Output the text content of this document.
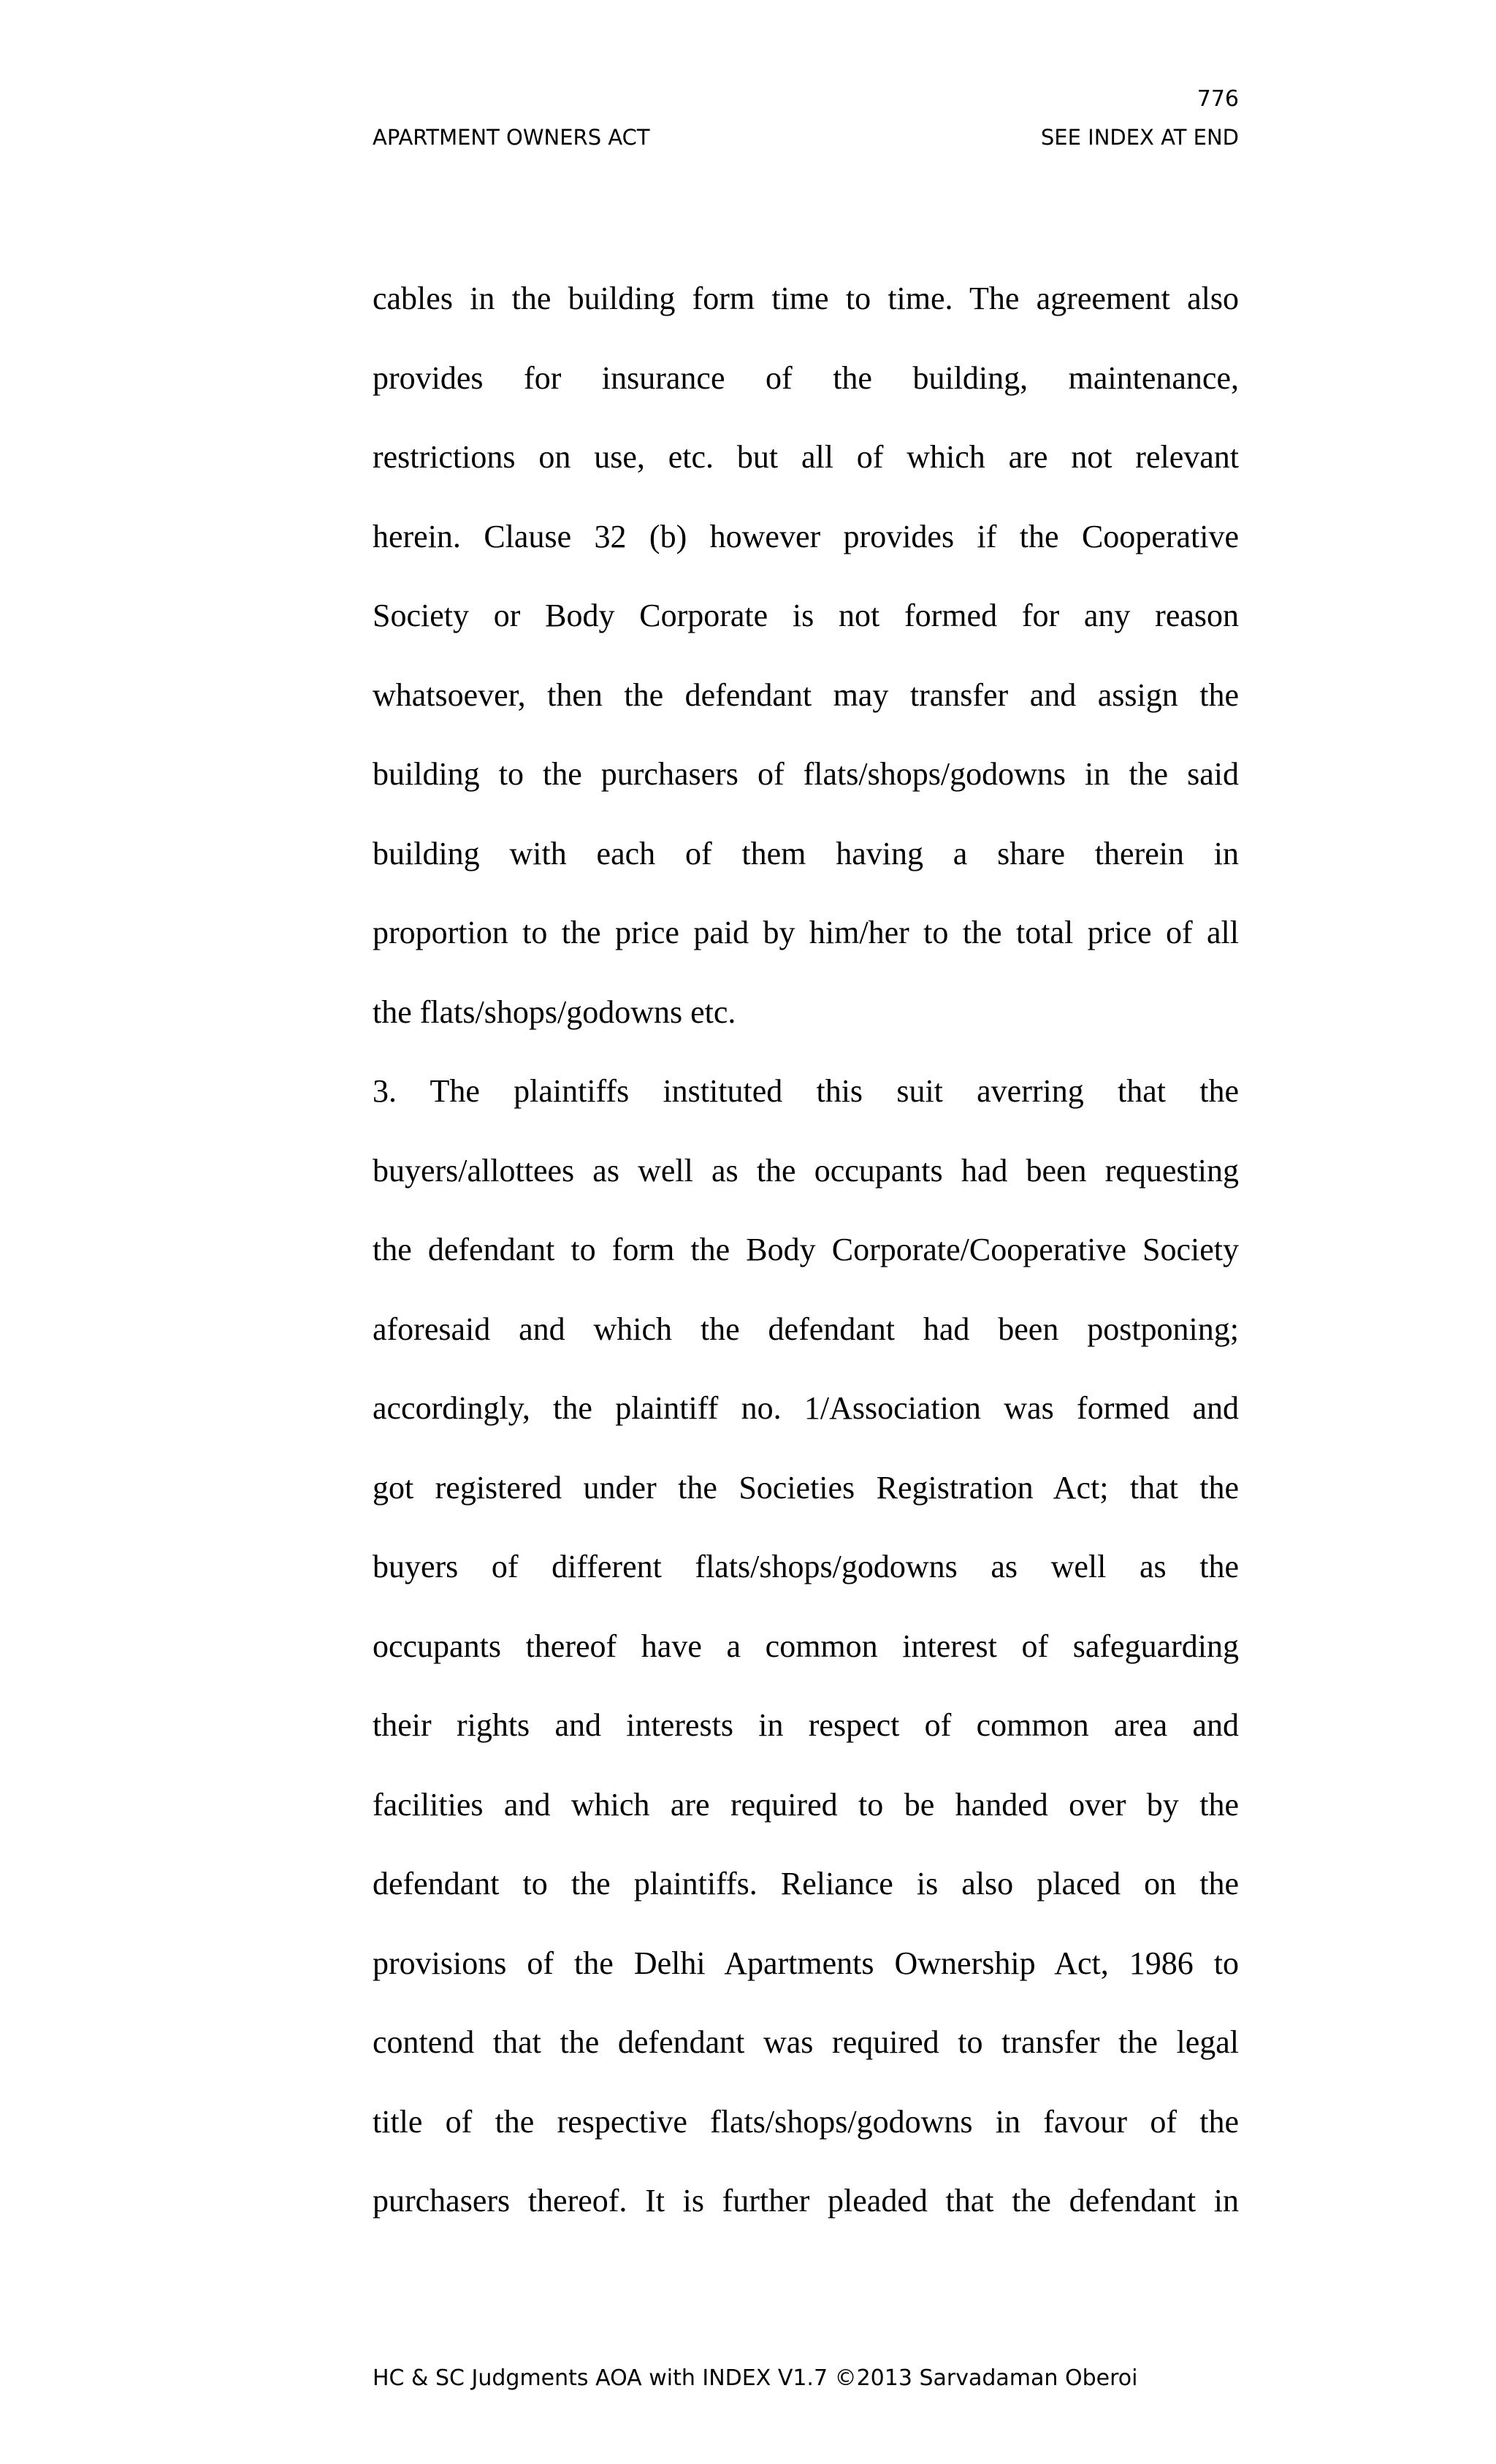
776
APARTMENT OWNERS ACT	SEE INDEX AT END
cables in the building form time to time. The agreement also
provides for insurance of the building, maintenance,
restrictions on use, etc. but all of which are not relevant
herein. Clause 32 (b) however provides if the Cooperative
Society or Body Corporate is not formed for any reason
whatsoever, then the defendant may transfer and assign the
building to the purchasers of flats/shops/godowns in the said
building with each of them having a share therein in
proportion to the price paid by him/her to the total price of all
the flats/shops/godowns etc.
3. The plaintiffs instituted this suit averring that the
buyers/allottees as well as the occupants had been requesting
the defendant to form the Body Corporate/Cooperative Society
aforesaid and which the defendant had been postponing;
accordingly, the plaintiff no. 1/Association was formed and
got registered under the Societies Registration Act; that the
buyers of different flats/shops/godowns as well as the
occupants thereof have a common interest of safeguarding
their rights and interests in respect of common area and
facilities and which are required to be handed over by the
defendant to the plaintiffs. Reliance is also placed on the
provisions of the Delhi Apartments Ownership Act, 1986 to
contend that the defendant was required to transfer the legal
title of the respective flats/shops/godowns in favour of the
purchasers thereof. It is further pleaded that the defendant in
HC & SC Judgments AOA with INDEX V1.7 ©2013 Sarvadaman Oberoi
